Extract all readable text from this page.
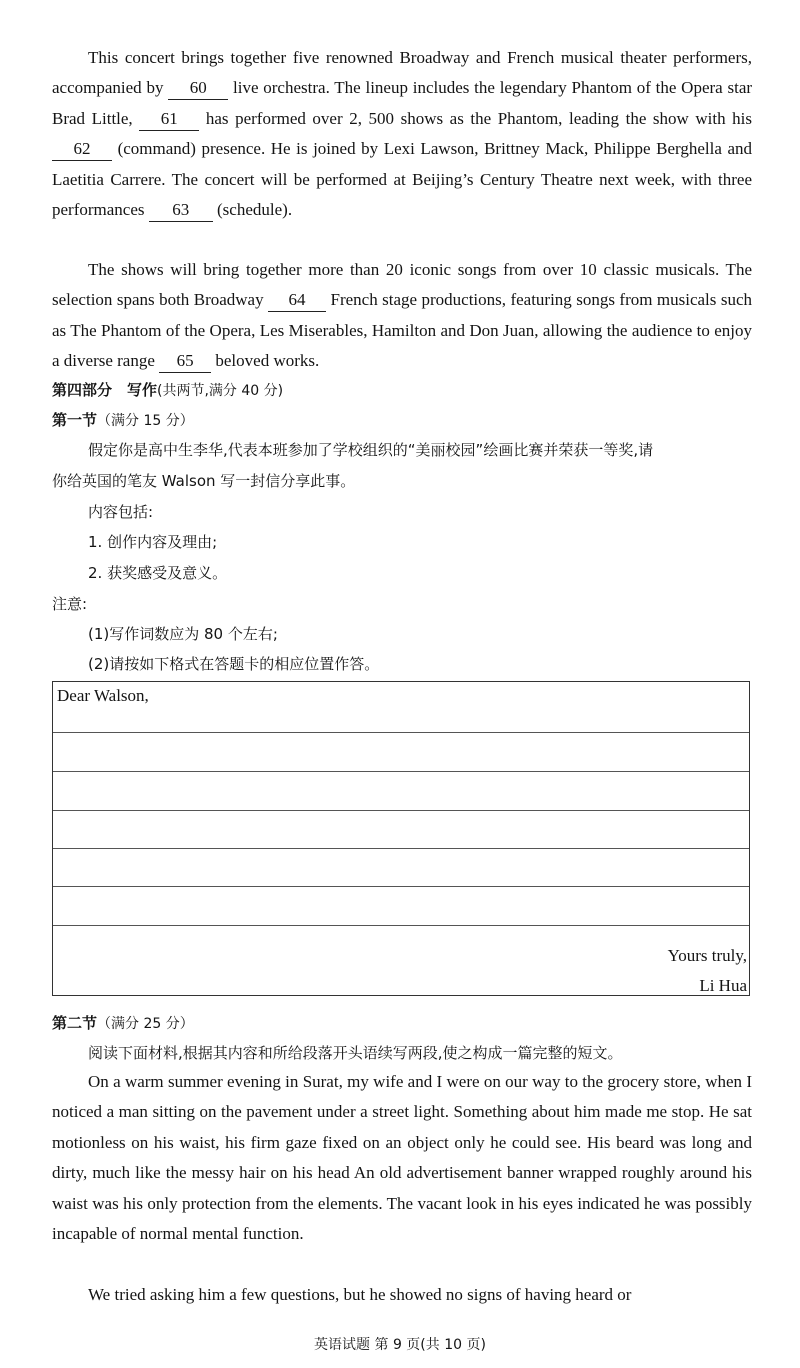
This concert brings together five renowned Broadway and French musical theater performers, accompanied by 60 live orchestra. The lineup includes the legendary Phantom of the Opera star Brad Little, 61 has performed over 2, 500 shows as the Phantom, leading the show with his 62 (command) presence. He is joined by Lexi Lawson, Brittney Mack, Philippe Berghella and Laetitia Carrere. The concert will be performed at Beijing’s Century Theatre next week, with three performances 63 (schedule).

The shows will bring together more than 20 iconic songs from over 10 classic musicals. The selection spans both Broadway 64 French stage productions, featuring songs from musicals such as The Phantom of the Opera, Les Miserables, Hamilton and Don Juan, allowing the audience to enjoy a diverse range 65 beloved works.

第四部分　写作(共两节,满分 40 分)

第一节（满分 15 分）

假定你是高中生李华,代表本班参加了学校组织的“美丽校园”绘画比赛并荣获一等奖,请

你给英国的笔友 Walson 写一封信分享此事。

内容包括:

1. 创作内容及理由;

2. 获奖感受及意义。

注意:

(1)写作词数应为 80 个左右;

(2)请按如下格式在答题卡的相应位置作答。

Dear Walson,
Yours truly,
Li Hua

第二节（满分 25 分）

阅读下面材料,根据其内容和所给段落开头语续写两段,使之构成一篇完整的短文。

On a warm summer evening in Surat, my wife and I were on our way to the grocery store, when I noticed a man sitting on the pavement under a street light. Something about him made me stop. He sat motionless on his waist, his firm gaze fixed on an object only he could see. His beard was long and dirty, much like the messy hair on his head An old advertisement banner wrapped roughly around his waist was his only protection from the elements. The vacant look in his eyes indicated he was possibly incapable of normal mental function.

We tried asking him a few questions, but he showed no signs of having heard or

英语试题 第 9 页(共 10 页)
